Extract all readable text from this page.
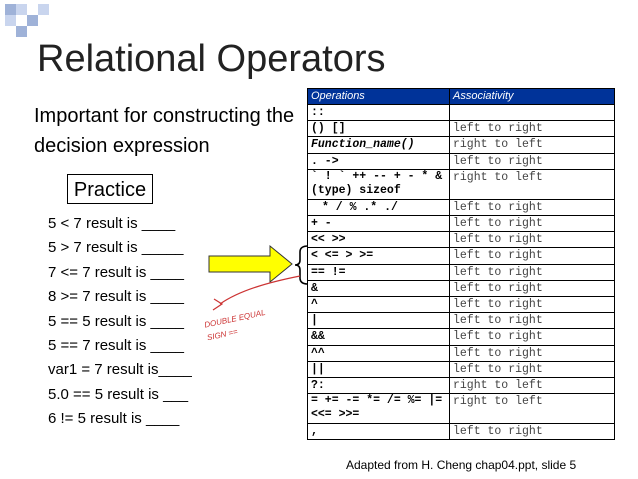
Relational Operators
Important for constructing the decision expression
Practice
5 < 7 result is ____
5 > 7 result is _____
7 <= 7 result is ____
8 >= 7 result is ____
5 == 5 result is ____
5 == 7 result is ____
var1 = 7 result is____
5.0 == 5 result is ___
6 != 5 result is ____
Operations	Associativity
::	
() []	left to right
Function_name()	right to left
. ->	left to right
` ! ` ++ -- + - * &(type) sizeof	right to left
* / % .* ./	left to right
+ -	left to right
<< >>	left to right
< <= > >=	left to right
== !=	left to right
&	left to right
^	left to right
|	left to right
&&	left to right
^^	left to right
||	left to right
?:	right to left
= += -= *= /= %= |= <<= >>=	right to left
,	left to right
DOUBLE EQUAL
SIGN ==
Adapted from H. Cheng chap04.ppt, slide 5
